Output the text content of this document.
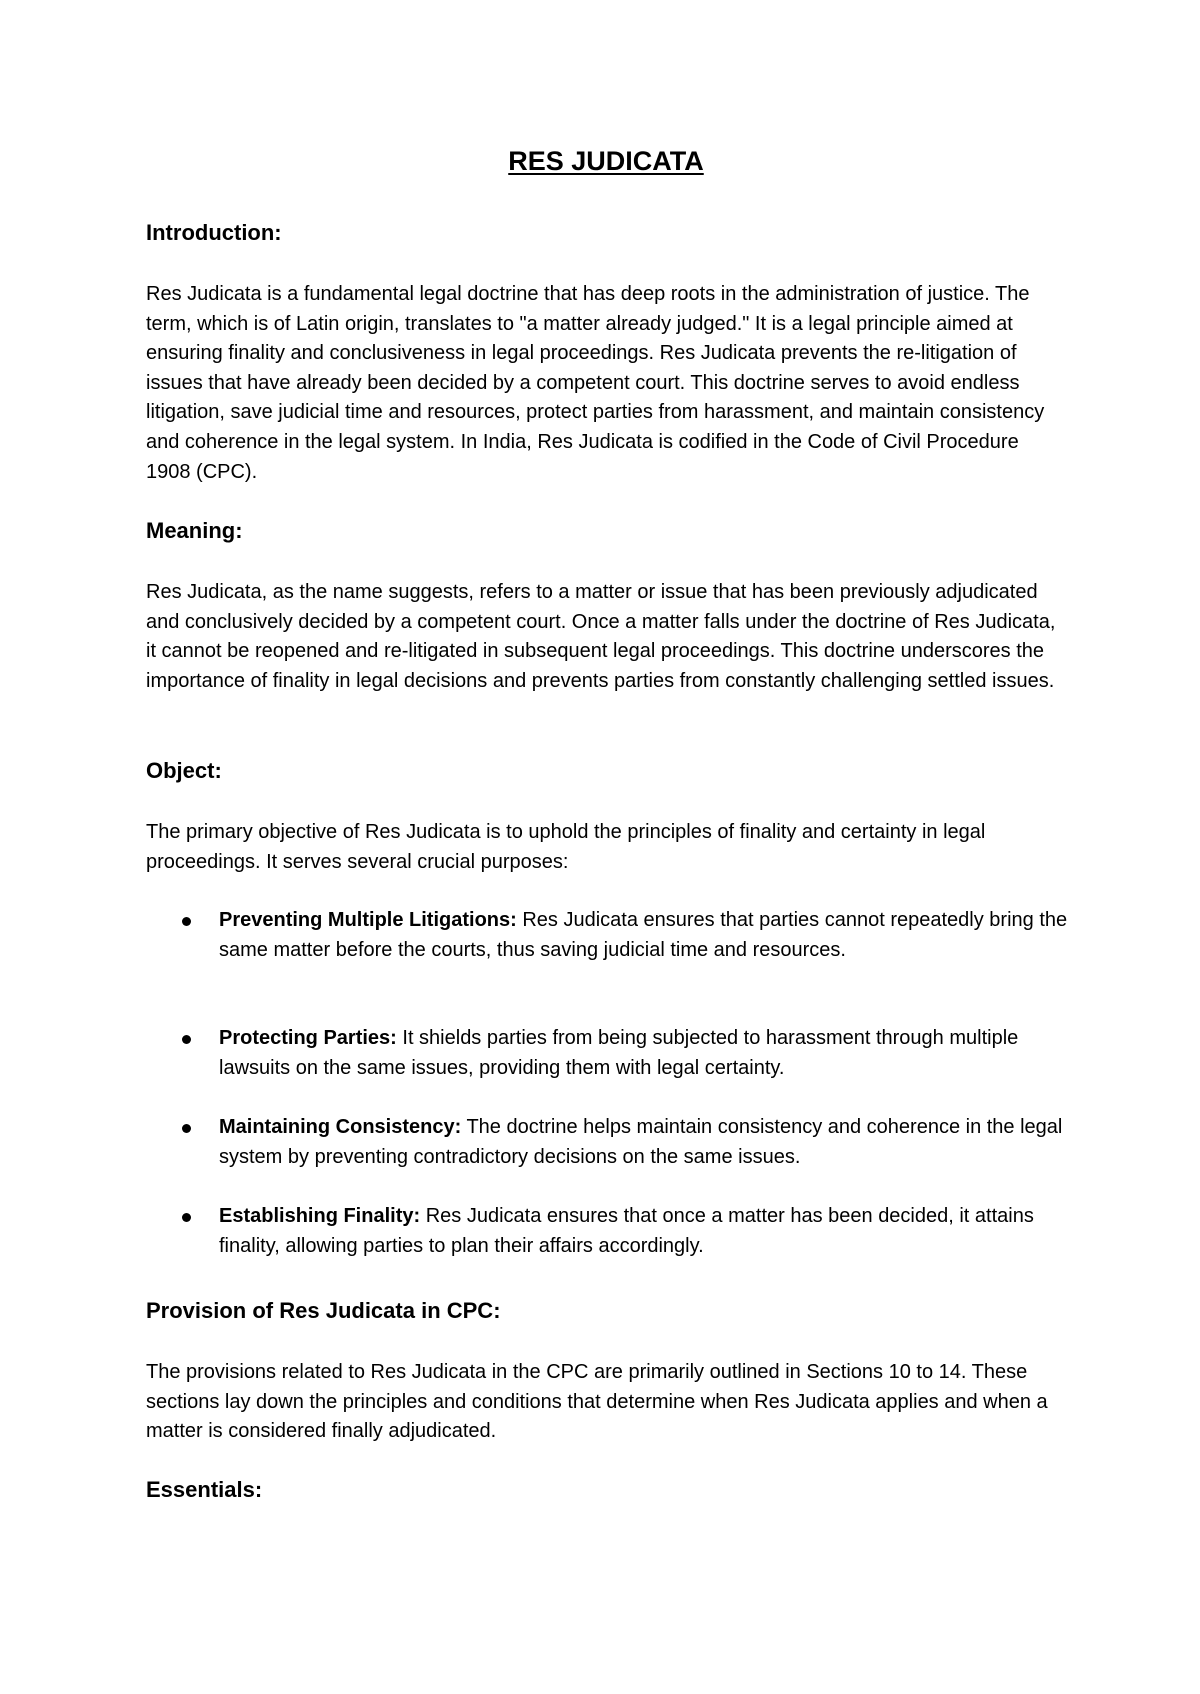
RES JUDICATA
Introduction:

Res Judicata is a fundamental legal doctrine that has deep roots in the administration of justice. The term, which is of Latin origin, translates to "a matter already judged." It is a legal principle aimed at ensuring finality and conclusiveness in legal proceedings. Res Judicata prevents the re-litigation of issues that have already been decided by a competent court. This doctrine serves to avoid endless litigation, save judicial time and resources, protect parties from harassment, and maintain consistency and coherence in the legal system. In India, Res Judicata is codified in the Code of Civil Procedure 1908 (CPC).

Meaning:

Res Judicata, as the name suggests, refers to a matter or issue that has been previously adjudicated and conclusively decided by a competent court. Once a matter falls under the doctrine of Res Judicata, it cannot be reopened and re-litigated in subsequent legal proceedings. This doctrine underscores the importance of finality in legal decisions and prevents parties from constantly challenging settled issues.

Object:

The primary objective of Res Judicata is to uphold the principles of finality and certainty in legal proceedings. It serves several crucial purposes:

Preventing Multiple Litigations: Res Judicata ensures that parties cannot repeatedly bring the same matter before the courts, thus saving judicial time and resources.

Protecting Parties: It shields parties from being subjected to harassment through multiple lawsuits on the same issues, providing them with legal certainty.

Maintaining Consistency: The doctrine helps maintain consistency and coherence in the legal system by preventing contradictory decisions on the same issues.

Establishing Finality: Res Judicata ensures that once a matter has been decided, it attains finality, allowing parties to plan their affairs accordingly.

Provision of Res Judicata in CPC:

The provisions related to Res Judicata in the CPC are primarily outlined in Sections 10 to 14. These sections lay down the principles and conditions that determine when Res Judicata applies and when a matter is considered finally adjudicated.

Essentials:
